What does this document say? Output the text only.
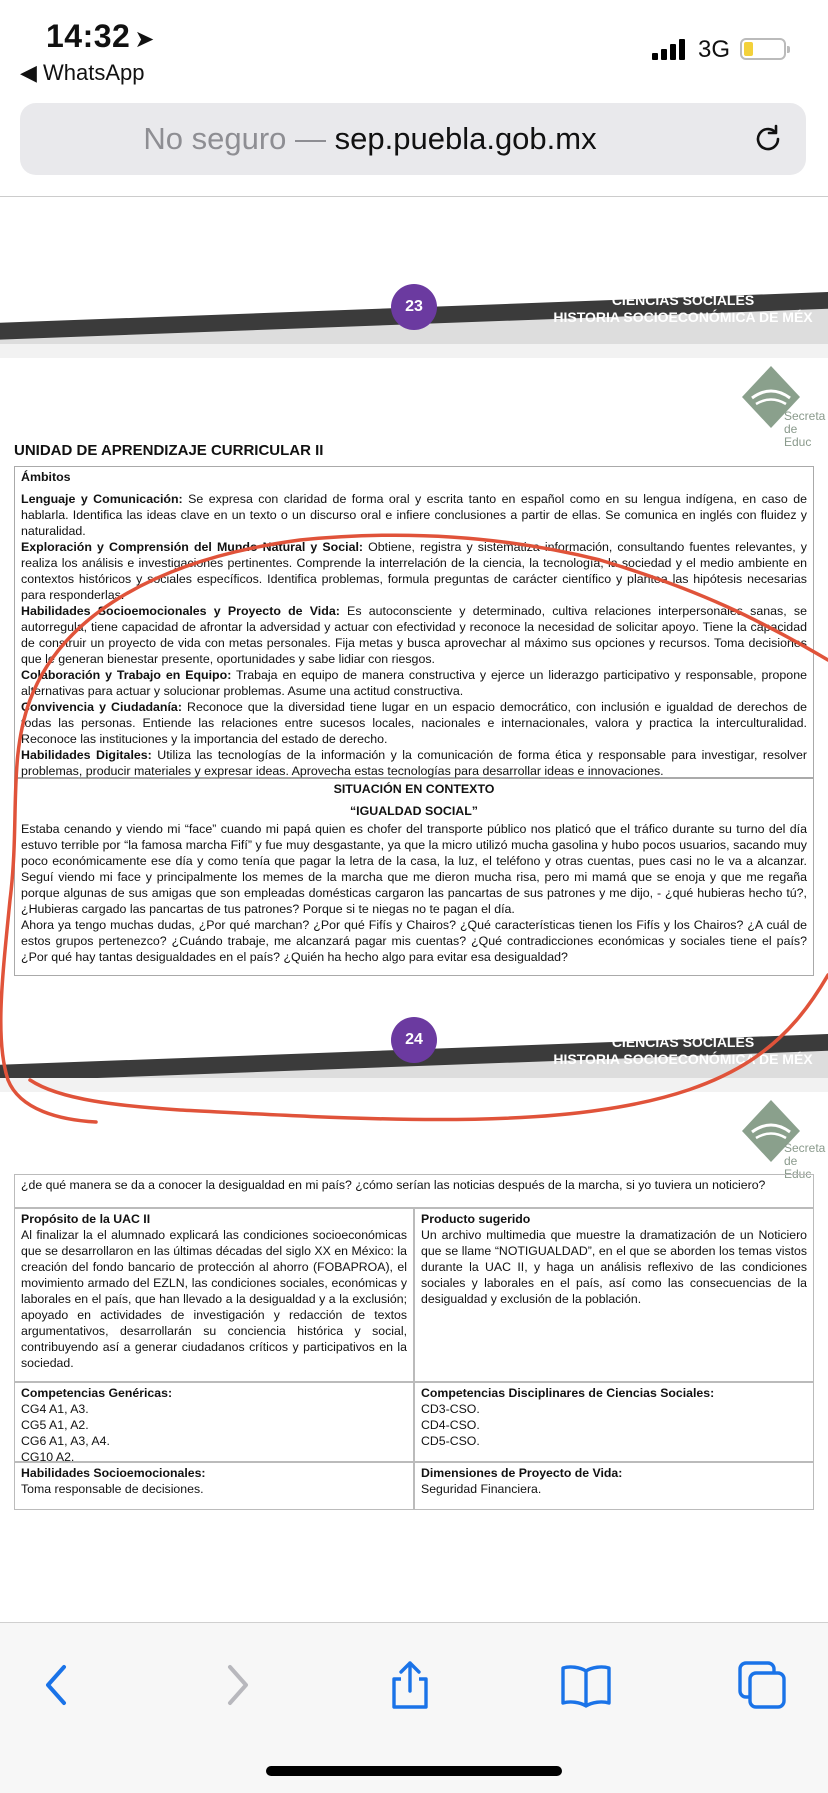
14:32 ➤
◀ WhatsApp
3G
No seguro — sep.puebla.gob.mx
CIENCIAS SOCIALES
HISTORIA SOCIOECONÓMICA DE MÉX
23
Secreta
de Educ
UNIDAD DE APRENDIZAJE CURRICULAR II

Ámbitos

Lenguaje y Comunicación: Se expresa con claridad de forma oral y escrita tanto en español como en su lengua indígena, en caso de hablarla. Identifica las ideas clave en un texto o un discurso oral e infiere conclusiones a partir de ellas. Se comunica en inglés con fluidez y naturalidad.

Exploración y Comprensión del Mundo Natural y Social: Obtiene, registra y sistematiza información, consultando fuentes relevantes, y realiza los análisis e investigaciones pertinentes. Comprende la interrelación de la ciencia, la tecnología, la sociedad y el medio ambiente en contextos históricos y sociales específicos. Identifica problemas, formula preguntas de carácter científico y plantea las hipótesis necesarias para responderlas.

Habilidades Socioemocionales y Proyecto de Vida: Es autoconsciente y determinado, cultiva relaciones interpersonales sanas, se autorregula, tiene capacidad de afrontar la adversidad y actuar con efectividad y reconoce la necesidad de solicitar apoyo. Tiene la capacidad de construir un proyecto de vida con metas personales. Fija metas y busca aprovechar al máximo sus opciones y recursos. Toma decisiones que le generan bienestar presente, oportunidades y sabe lidiar con riesgos.

Colaboración y Trabajo en Equipo: Trabaja en equipo de manera constructiva y ejerce un liderazgo participativo y responsable, propone alternativas para actuar y solucionar problemas. Asume una actitud constructiva.

Convivencia y Ciudadanía: Reconoce que la diversidad tiene lugar en un espacio democrático, con inclusión e igualdad de derechos de todas las personas. Entiende las relaciones entre sucesos locales, nacionales e internacionales, valora y practica la interculturalidad. Reconoce las instituciones y la importancia del estado de derecho.

Habilidades Digitales: Utiliza las tecnologías de la información y la comunicación de forma ética y responsable para investigar, resolver problemas, producir materiales y expresar ideas. Aprovecha estas tecnologías para desarrollar ideas e innovaciones.

SITUACIÓN EN CONTEXTO

“IGUALDAD SOCIAL”

Estaba cenando y viendo mi “face” cuando mi papá quien es chofer del transporte público nos platicó que el tráfico durante su turno del día estuvo terrible por “la famosa marcha Fifí” y fue muy desgastante, ya que la micro utilizó mucha gasolina y hubo pocos usuarios, sacando muy poco económicamente ese día y como tenía que pagar la letra de la casa, la luz, el teléfono y otras cuentas, pues casi no le va a alcanzar. Seguí viendo mi face y principalmente los memes de la marcha que me dieron mucha risa, pero mi mamá que se enoja y que me regaña porque algunas de sus amigas que son empleadas domésticas cargaron las pancartas de sus patrones y me dijo, - ¿qué hubieras hecho tú?, ¿Hubieras cargado las pancartas de tus patrones? Porque si te niegas no te pagan el día.

Ahora ya tengo muchas dudas, ¿Por qué marchan? ¿Por qué Fifís y Chairos? ¿Qué características tienen los Fifís y los Chairos? ¿A cuál de estos grupos pertenezco? ¿Cuándo trabaje, me alcanzará pagar mis cuentas? ¿Qué contradicciones económicas y sociales tiene el país? ¿Por qué hay tantas desigualdades en el país? ¿Quién ha hecho algo para evitar esa desigualdad?

CIENCIAS SOCIALES
HISTORIA SOCIOECONÓMICA DE MÉX
24
Secreta
de Educ

¿de qué manera se da a conocer la desigualdad en mi país? ¿cómo serían las noticias después de la marcha, si yo tuviera un noticiero?

Propósito de la UAC II

Al finalizar la el alumnado explicará las condiciones socioeconómicas que se desarrollaron en las últimas décadas del siglo XX en México: la creación del fondo bancario de protección al ahorro (FOBAPROA), el movimiento armado del EZLN, las condiciones sociales, económicas y laborales en el país, que han llevado a la desigualdad y a la exclusión; apoyado en actividades de investigación y redacción de textos argumentativos, desarrollarán su conciencia histórica y social, contribuyendo así a generar ciudadanos críticos y participativos en la sociedad.

Producto sugerido

Un archivo multimedia que muestre la dramatización de un Noticiero que se llame “NOTIGUALDAD”, en el que se aborden los temas vistos durante la UAC II, y haga un análisis reflexivo de las condiciones sociales y laborales en el país, así como las consecuencias de la desigualdad y exclusión de la población.

Competencias Genéricas:

CG4 A1, A3.

CG5 A1, A2.

CG6 A1, A3, A4.

CG10 A2.

Competencias Disciplinares de Ciencias Sociales:

CD3-CSO.

CD4-CSO.

CD5-CSO.

Habilidades Socioemocionales:

Toma responsable de decisiones.

Dimensiones de Proyecto de Vida:

Seguridad Financiera.
